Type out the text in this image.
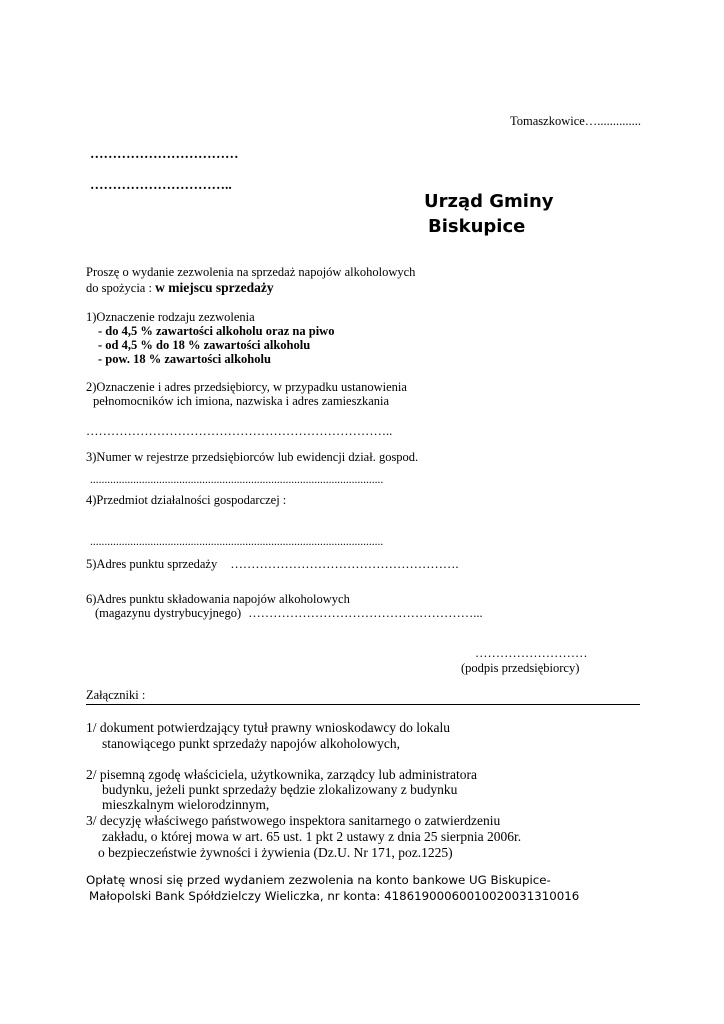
Tomaszkowice…..............
……………………………
…………………………..
Urząd Gminy
Biskupice
Proszę o wydanie zezwolenia na sprzedaż napojów alkoholowych
do spożycia : w miejscu sprzedaży
1)Oznaczenie rodzaju zezwolenia
- do 4,5 % zawartości alkoholu oraz na piwo
- od 4,5 % do 18 % zawartości alkoholu
- pow. 18 % zawartości alkoholu
2)Oznaczenie i adres przedsiębiorcy, w przypadku ustanowienia
pełnomocników ich imiona, nazwiska i adres zamieszkania
………………………………………………………………..
3)Numer w rejestrze przedsiębiorców lub ewidencji dział. gospod.
......................................................................................................
4)Przedmiot działalności gospodarczej :
......................................................................................................
5)Adres punktu sprzedaży ……………………………………………….
6)Adres punktu składowania napojów alkoholowych
(magazynu dystrybucyjnego) ………………………………………………...
………………………
(podpis przedsiębiorcy)
Załączniki :
1/ dokument potwierdzający tytuł prawny wnioskodawcy do lokalu
stanowiącego punkt sprzedaży napojów alkoholowych,
2/ pisemną zgodę właściciela, użytkownika, zarządcy lub administratora
budynku, jeżeli punkt sprzedaży będzie zlokalizowany z budynku
mieszkalnym wielorodzinnym,
3/ decyzję właściwego państwowego inspektora sanitarnego o zatwierdzeniu
zakładu, o której mowa w art. 65 ust. 1 pkt 2 ustawy z dnia 25 sierpnia 2006r.
o bezpieczeństwie żywności i żywienia (Dz.U. Nr 171, poz.1225)
Opłatę wnosi się przed wydaniem zezwolenia na konto bankowe UG Biskupice-
Małopolski Bank Spółdzielczy Wieliczka, nr konta: 41861900060010020031310016
